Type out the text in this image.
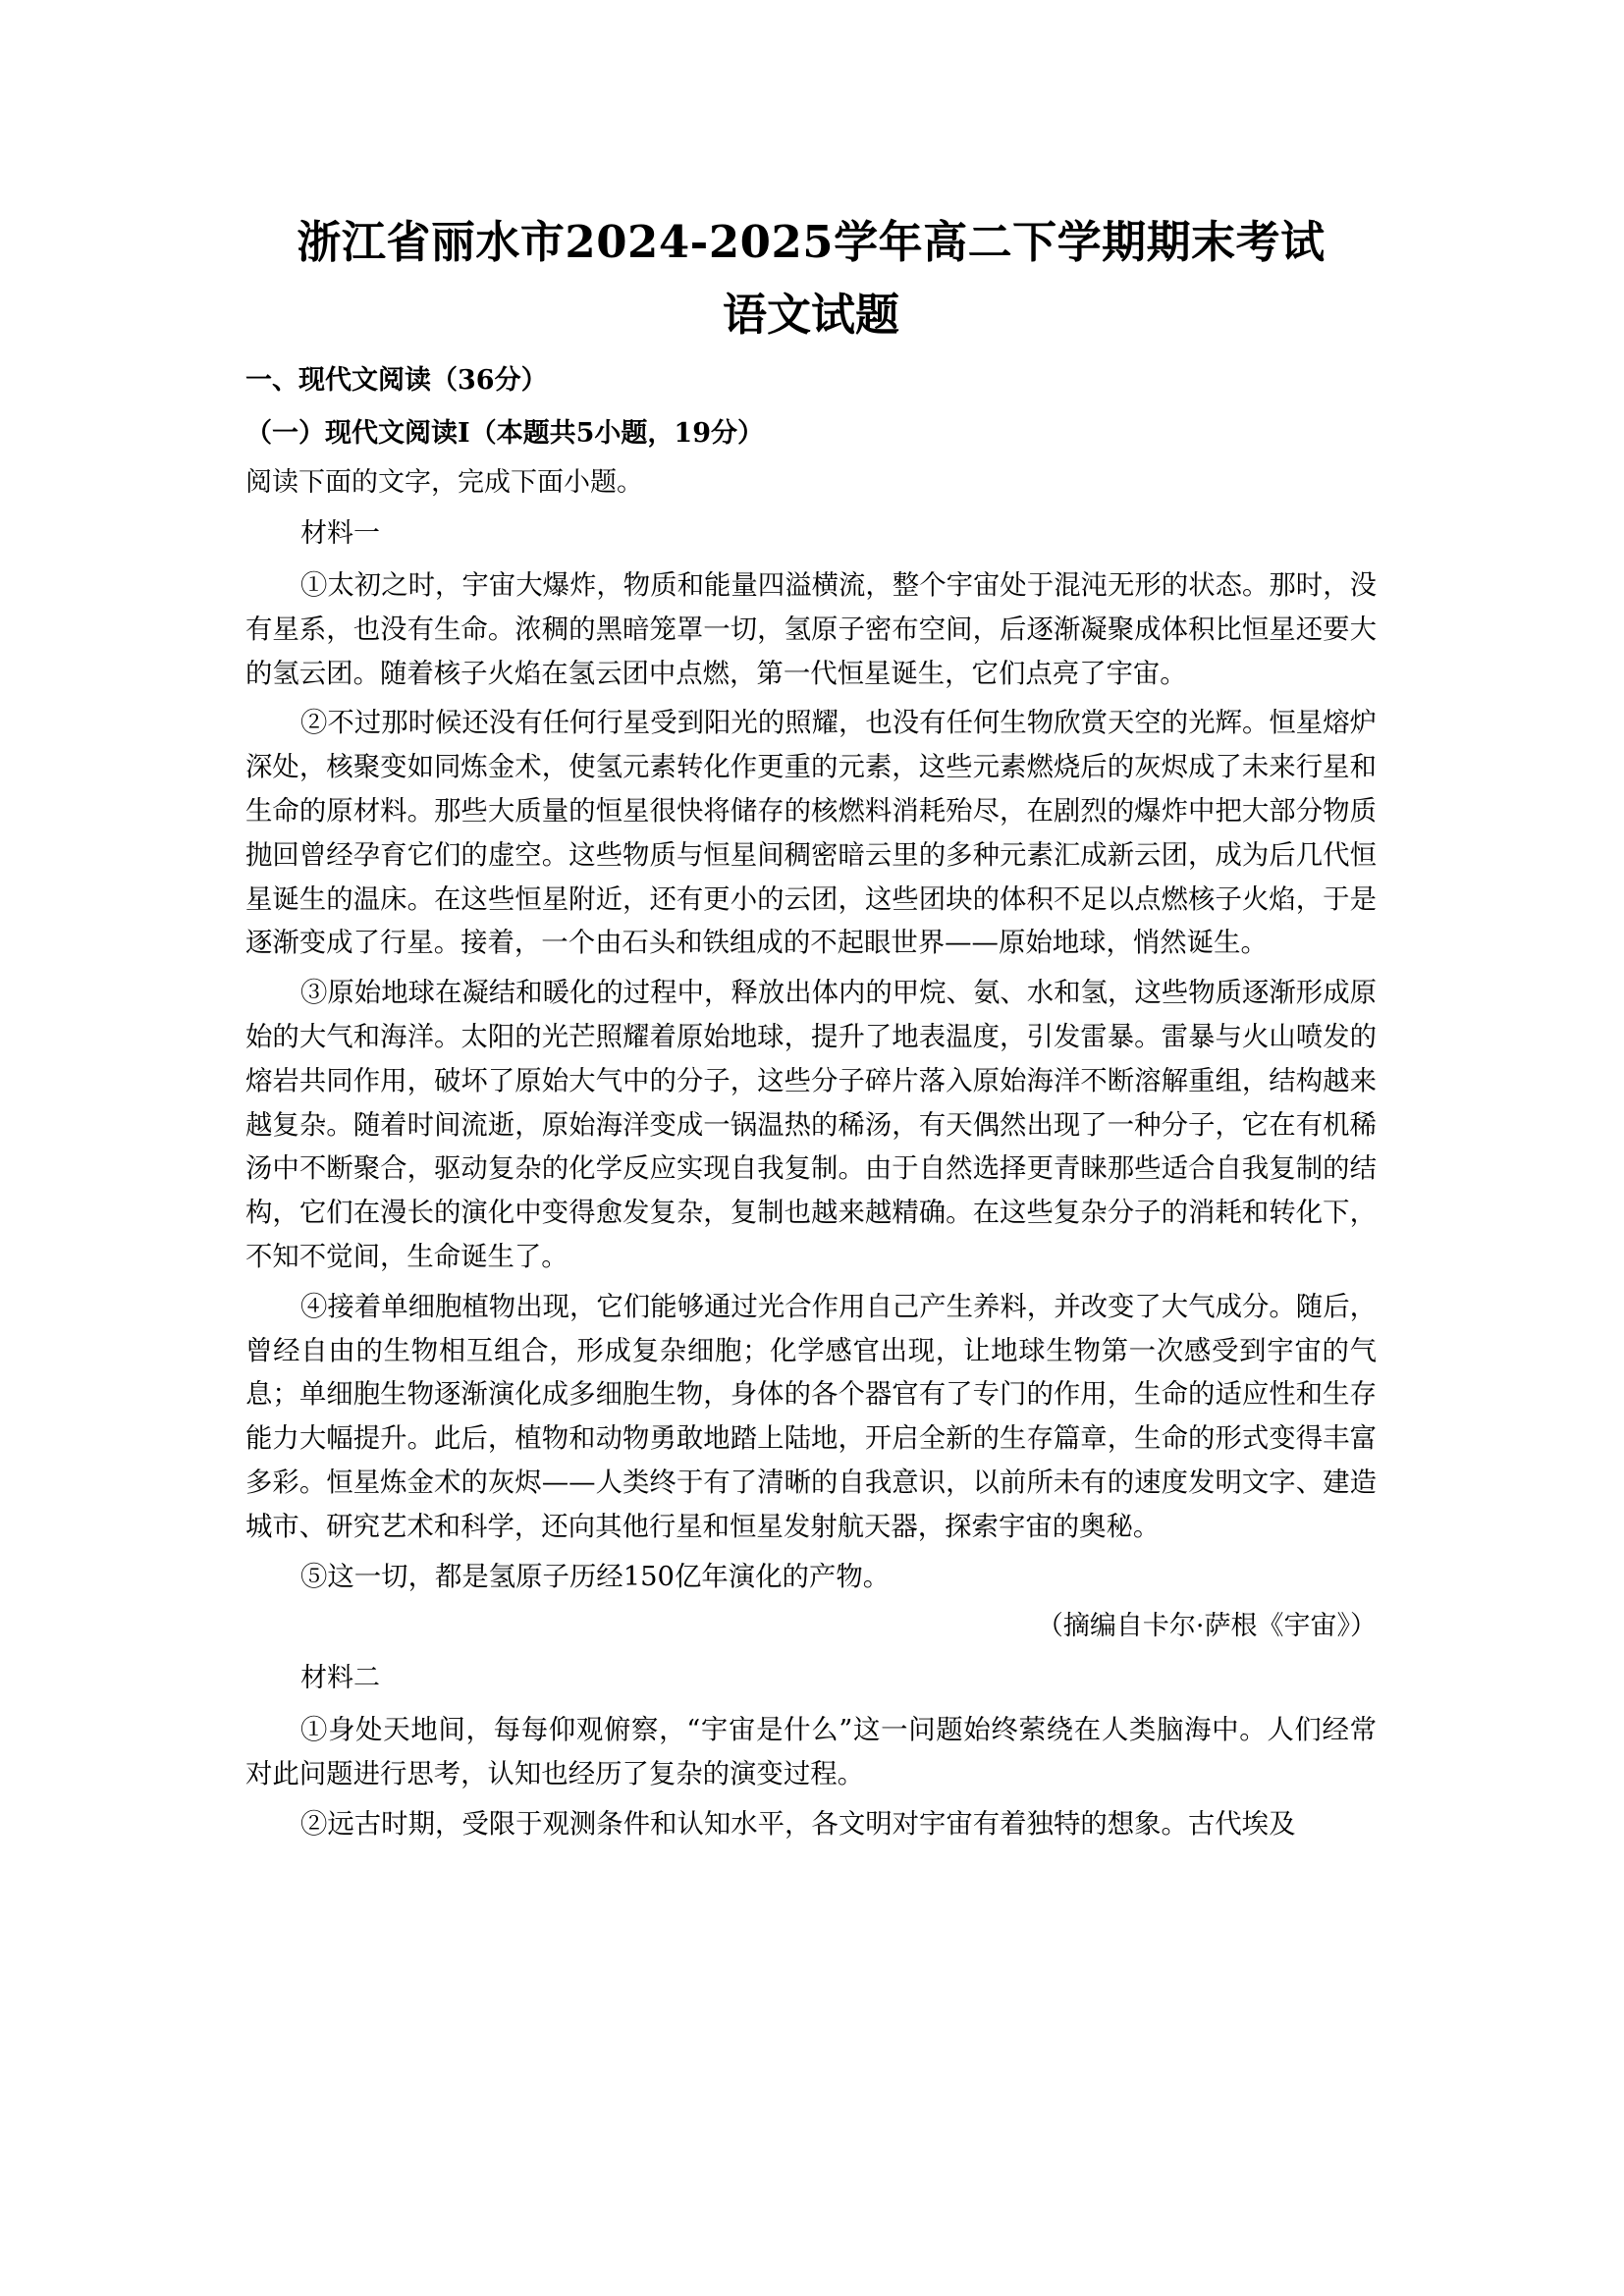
浙江省丽水市2024-2025学年高二下学期期末考试
语文试题
一、现代文阅读（36分）
（一）现代文阅读Ⅰ（本题共5小题，19分）
阅读下面的文字，完成下面小题。
材料一

①太初之时，宇宙大爆炸，物质和能量四溢横流，整个宇宙处于混沌无形的状态。那时，没有星系，也没有生命。浓稠的黑暗笼罩一切，氢原子密布空间，后逐渐凝聚成体积比恒星还要大的氢云团。随着核子火焰在氢云团中点燃，第一代恒星诞生，它们点亮了宇宙。

②不过那时候还没有任何行星受到阳光的照耀，也没有任何生物欣赏天空的光辉。恒星熔炉深处，核聚变如同炼金术，使氢元素转化作更重的元素，这些元素燃烧后的灰烬成了未来行星和生命的原材料。那些大质量的恒星很快将储存的核燃料消耗殆尽，在剧烈的爆炸中把大部分物质抛回曾经孕育它们的虚空。这些物质与恒星间稠密暗云里的多种元素汇成新云团，成为后几代恒星诞生的温床。在这些恒星附近，还有更小的云团，这些团块的体积不足以点燃核子火焰，于是逐渐变成了行星。接着，一个由石头和铁组成的不起眼世界——原始地球，悄然诞生。

③原始地球在凝结和暖化的过程中，释放出体内的甲烷、氨、水和氢，这些物质逐渐形成原始的大气和海洋。太阳的光芒照耀着原始地球，提升了地表温度，引发雷暴。雷暴与火山喷发的熔岩共同作用，破坏了原始大气中的分子，这些分子碎片落入原始海洋不断溶解重组，结构越来越复杂。随着时间流逝，原始海洋变成一锅温热的稀汤，有天偶然出现了一种分子，它在有机稀汤中不断聚合，驱动复杂的化学反应实现自我复制。由于自然选择更青睐那些适合自我复制的结构，它们在漫长的演化中变得愈发复杂，复制也越来越精确。在这些复杂分子的消耗和转化下，不知不觉间，生命诞生了。

④接着单细胞植物出现，它们能够通过光合作用自己产生养料，并改变了大气成分。随后，曾经自由的生物相互组合，形成复杂细胞；化学感官出现，让地球生物第一次感受到宇宙的气息；单细胞生物逐渐演化成多细胞生物，身体的各个器官有了专门的作用，生命的适应性和生存能力大幅提升。此后，植物和动物勇敢地踏上陆地，开启全新的生存篇章，生命的形式变得丰富多彩。恒星炼金术的灰烬——人类终于有了清晰的自我意识，以前所未有的速度发明文字、建造城市、研究艺术和科学，还向其他行星和恒星发射航天器，探索宇宙的奥秘。

⑤这一切，都是氢原子历经150亿年演化的产物。

（摘编自卡尔·萨根《宇宙》）
材料二

①身处天地间，每每仰观俯察，“宇宙是什么”这一问题始终萦绕在人类脑海中。人们经常对此问题进行思考，认知也经历了复杂的演变过程。

②远古时期，受限于观测条件和认知水平，各文明对宇宙有着独特的想象。古代埃及
